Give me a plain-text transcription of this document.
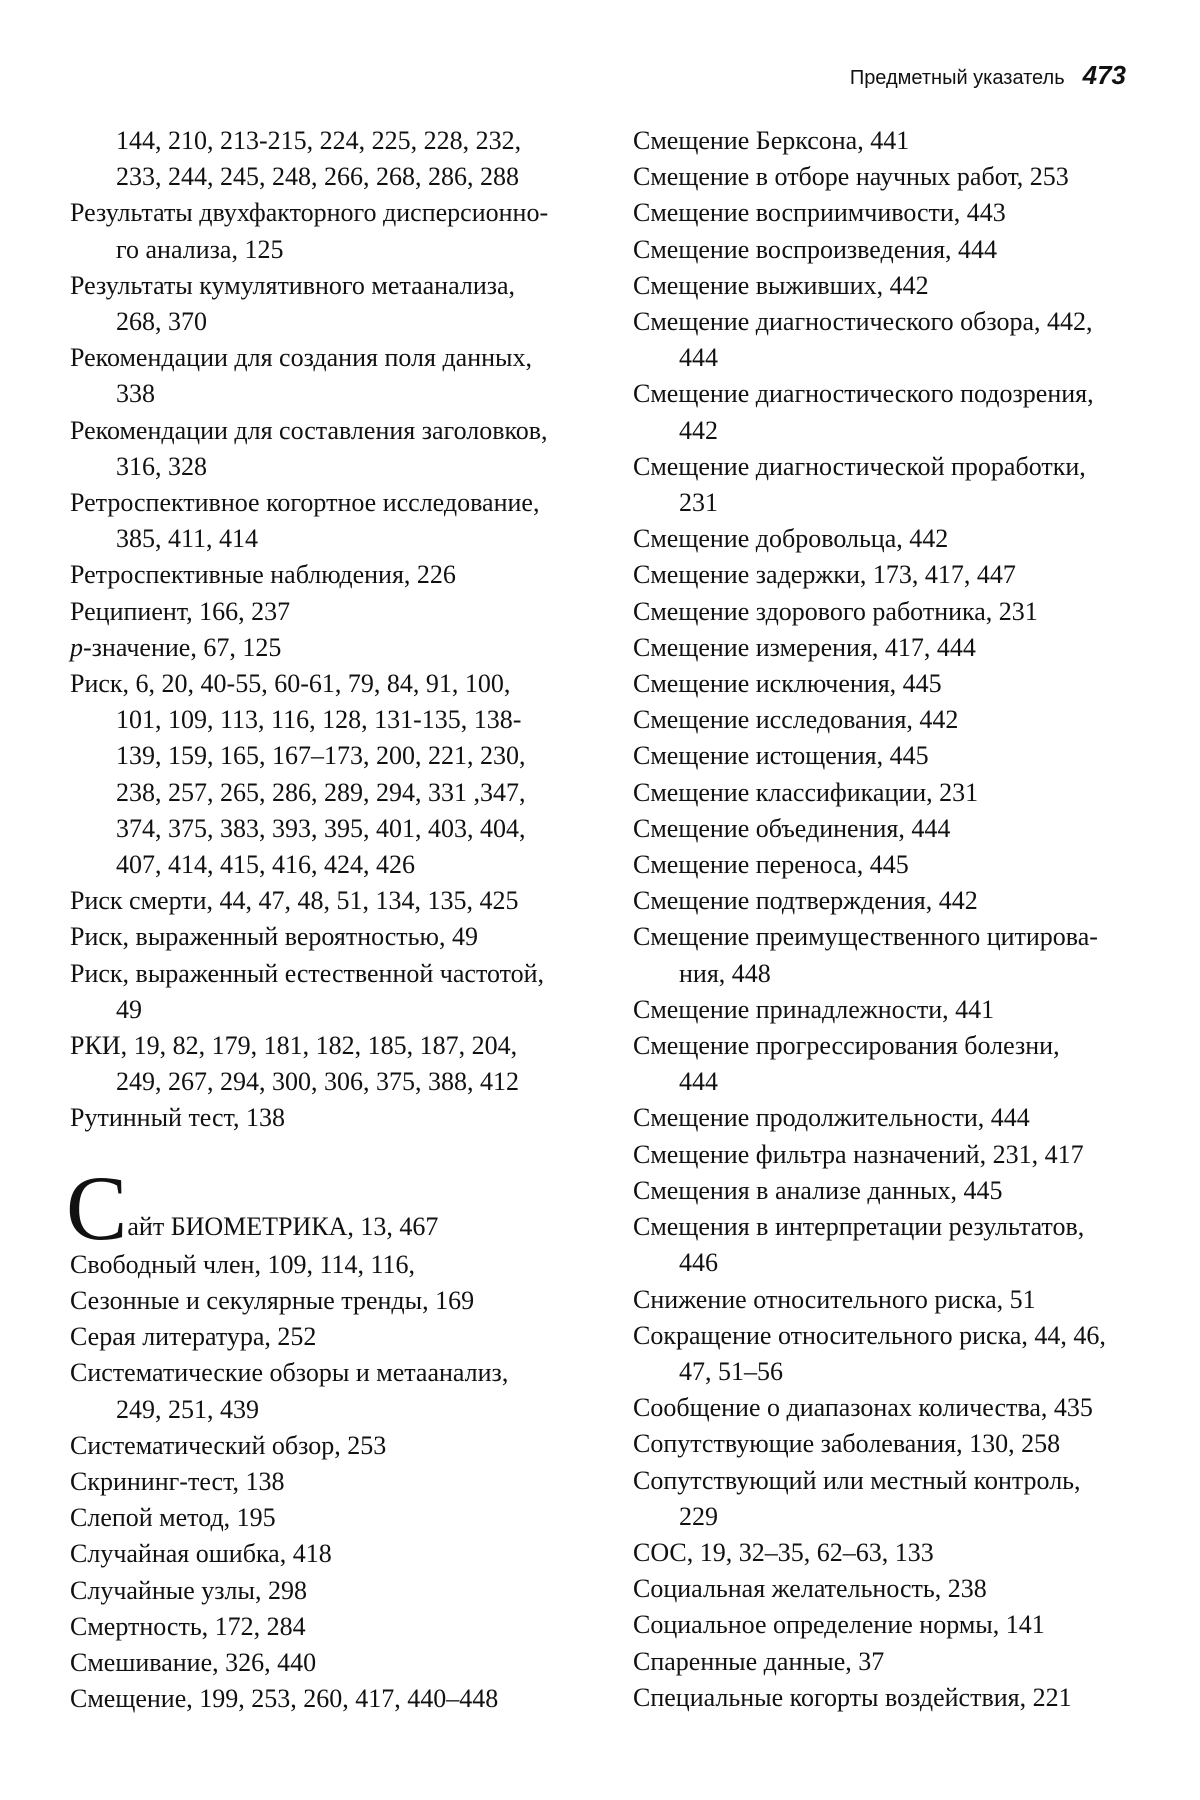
Предметный указатель 473
144, 210, 213-215, 224, 225, 228, 232,
233, 244, 245, 248, 266, 268, 286, 288
Результаты двухфакторного дисперсионно-
го анализа, 125
Результаты кумулятивного метаанализа,
268, 370
Рекомендации для создания поля данных,
338
Рекомендации для составления заголовков,
316, 328
Ретроспективное когортное исследование,
385, 411, 414
Ретроспективные наблюдения, 226
Реципиент, 166, 237
p-значение, 67, 125
Риск, 6, 20, 40-55, 60-61, 79, 84, 91, 100,
101, 109, 113, 116, 128, 131-135, 138-
139, 159, 165, 167–173, 200, 221, 230,
238, 257, 265, 286, 289, 294, 331 ,347,
374, 375, 383, 393, 395, 401, 403, 404,
407, 414, 415, 416, 424, 426
Риск смерти, 44, 47, 48, 51, 134, 135, 425
Риск, выраженный вероятностью, 49
Риск, выраженный естественной частотой,
49
РКИ, 19, 82, 179, 181, 182, 185, 187, 204,
249, 267, 294, 300, 306, 375, 388, 412
Рутинный тест, 138
С айт БИОМЕТРИКА, 13, 467
Свободный член, 109, 114, 116,
Сезонные и секулярные тренды, 169
Серая литература, 252
Систематические обзоры и метаанализ,
249, 251, 439
Систематический обзор, 253
Скрининг-тест, 138
Слепой метод, 195
Случайная ошибка, 418
Случайные узлы, 298
Смертность, 172, 284
Смешивание, 326, 440
Смещение, 199, 253, 260, 417, 440–448
Смещение Берксона, 441
Смещение в отборе научных работ, 253
Смещение восприимчивости, 443
Смещение воспроизведения, 444
Смещение выживших, 442
Смещение диагностического обзора, 442,
444
Смещение диагностического подозрения,
442
Смещение диагностической проработки,
231
Смещение добровольца, 442
Смещение задержки, 173, 417, 447
Смещение здорового работника, 231
Смещение измерения, 417, 444
Смещение исключения, 445
Смещение исследования, 442
Смещение истощения, 445
Смещение классификации, 231
Смещение объединения, 444
Смещение переноса, 445
Смещение подтверждения, 442
Смещение преимущественного цитирова-
ния, 448
Смещение принадлежности, 441
Смещение прогрессирования болезни,
444
Смещение продолжительности, 444
Смещение фильтра назначений, 231, 417
Смещения в анализе данных, 445
Смещения в интерпретации результатов,
446
Снижение относительного риска, 51
Сокращение относительного риска, 44, 46,
47, 51–56
Сообщение о диапазонах количества, 435
Сопутствующие заболевания, 130, 258
Сопутствующий или местный контроль,
229
СОС, 19, 32–35, 62–63, 133
Социальная желательность, 238
Социальное определение нормы, 141
Спаренные данные, 37
Специальные когорты воздействия, 221
